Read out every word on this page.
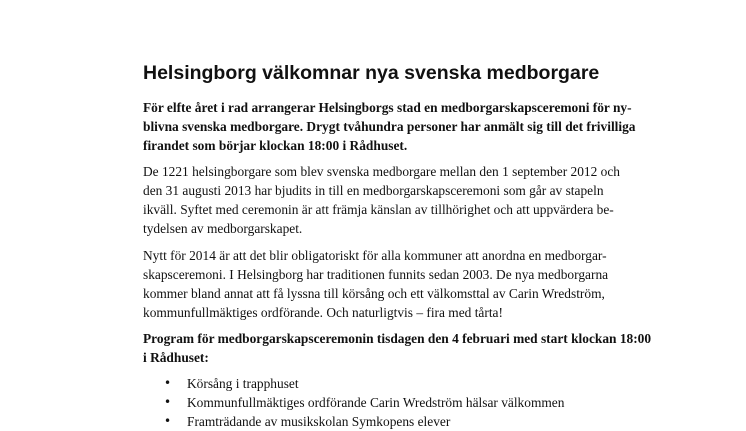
Helsingborg välkomnar nya svenska medborgare

För elfte året i rad arrangerar Helsingborgs stad en medborgarskapsceremoni för ny-
blivna svenska medborgare. Drygt tvåhundra personer har anmält sig till det frivilliga
firandet som börjar klockan 18:00 i Rådhuset.

De 1221 helsingborgare som blev svenska medborgare mellan den 1 september 2012 och
den 31 augusti 2013 har bjudits in till en medborgarskapsceremoni som går av stapeln
ikväll. Syftet med ceremonin är att främja känslan av tillhörighet och att uppvärdera be-
tydelsen av medborgarskapet.

Nytt för 2014 är att det blir obligatoriskt för alla kommuner att anordna en medborgar-
skapsceremoni. I Helsingborg har traditionen funnits sedan 2003. De nya medborgarna
kommer bland annat att få lyssna till körsång och ett välkomsttal av Carin Wredström,
kommunfullmäktiges ordförande. Och naturligtvis – fira med tårta!

Program för medborgarskapsceremonin tisdagen den 4 februari med start klockan 18:00
i Rådhuset:

• Körsång i trapphuset
• Kommunfullmäktiges ordförande Carin Wredström hälsar välkommen
• Framträdande av musikskolan Symkopens elever
